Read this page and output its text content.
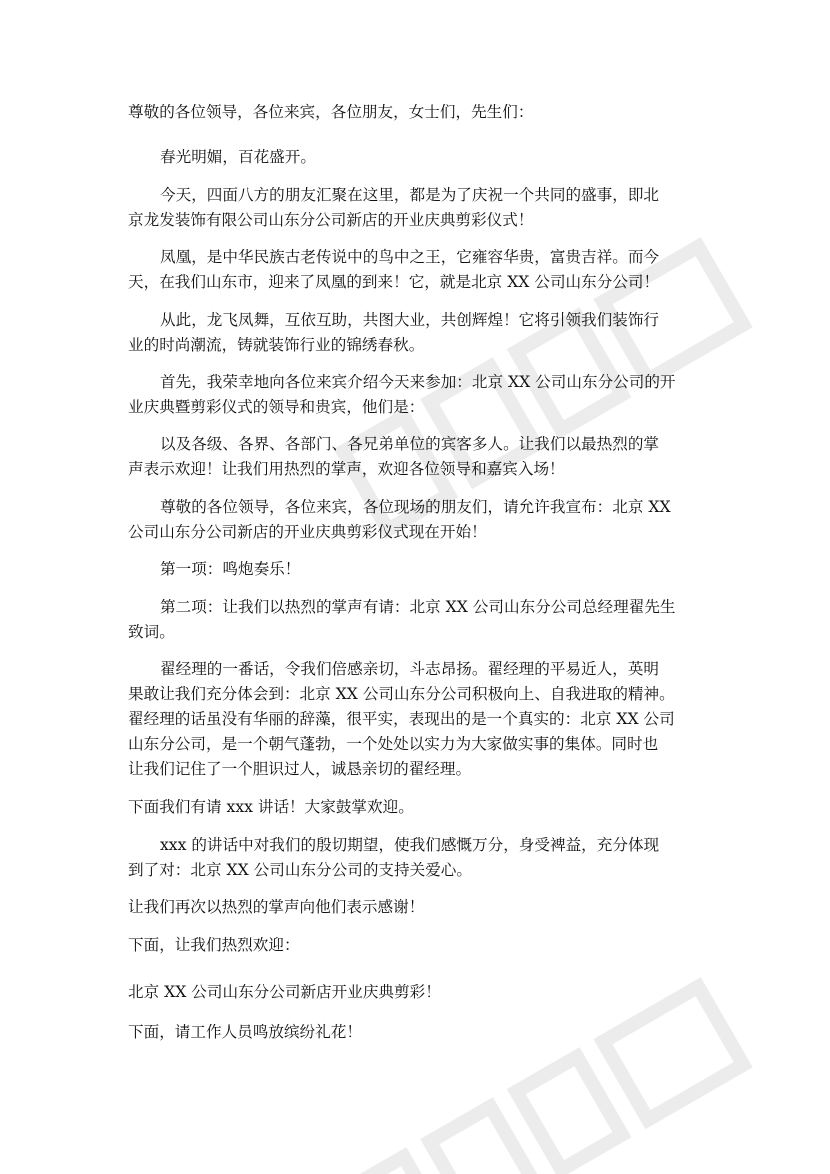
尊敬的各位领导，各位来宾，各位朋友，女士们，先生们：

春光明媚，百花盛开。

今天，四面八方的朋友汇聚在这里，都是为了庆祝一个共同的盛事，即北
京龙发装饰有限公司山东分公司新店的开业庆典剪彩仪式！

凤凰，是中华民族古老传说中的鸟中之王，它雍容华贵，富贵吉祥。而今
天，在我们山东市，迎来了凤凰的到来！它，就是北京 XX 公司山东分公司！

从此，龙飞凤舞，互依互助，共图大业，共创辉煌！它将引领我们装饰行
业的时尚潮流，铸就装饰行业的锦绣春秋。

首先，我荣幸地向各位来宾介绍今天来参加：北京 XX 公司山东分公司的开
业庆典暨剪彩仪式的领导和贵宾，他们是：

以及各级、各界、各部门、各兄弟单位的宾客多人。让我们以最热烈的掌
声表示欢迎！让我们用热烈的掌声，欢迎各位领导和嘉宾入场！

尊敬的各位领导，各位来宾，各位现场的朋友们，请允许我宣布：北京 XX
公司山东分公司新店的开业庆典剪彩仪式现在开始！

第一项：鸣炮奏乐！

第二项：让我们以热烈的掌声有请：北京 XX 公司山东分公司总经理翟先生
致词。

翟经理的一番话，令我们倍感亲切，斗志昂扬。翟经理的平易近人，英明
果敢让我们充分体会到：北京 XX 公司山东分公司积极向上、自我进取的精神。
翟经理的话虽没有华丽的辞藻，很平实，表现出的是一个真实的：北京 XX 公司
山东分公司，是一个朝气蓬勃，一个处处以实力为大家做实事的集体。同时也
让我们记住了一个胆识过人，诚恳亲切的翟经理。

下面我们有请 xxx 讲话！大家鼓掌欢迎。

xxx 的讲话中对我们的殷切期望，使我们感慨万分，身受裨益，充分体现
到了对：北京 XX 公司山东分公司的支持关爱心。

让我们再次以热烈的掌声向他们表示感谢！

下面，让我们热烈欢迎：

北京 XX 公司山东分公司新店开业庆典剪彩！

下面，请工作人员鸣放缤纷礼花！
